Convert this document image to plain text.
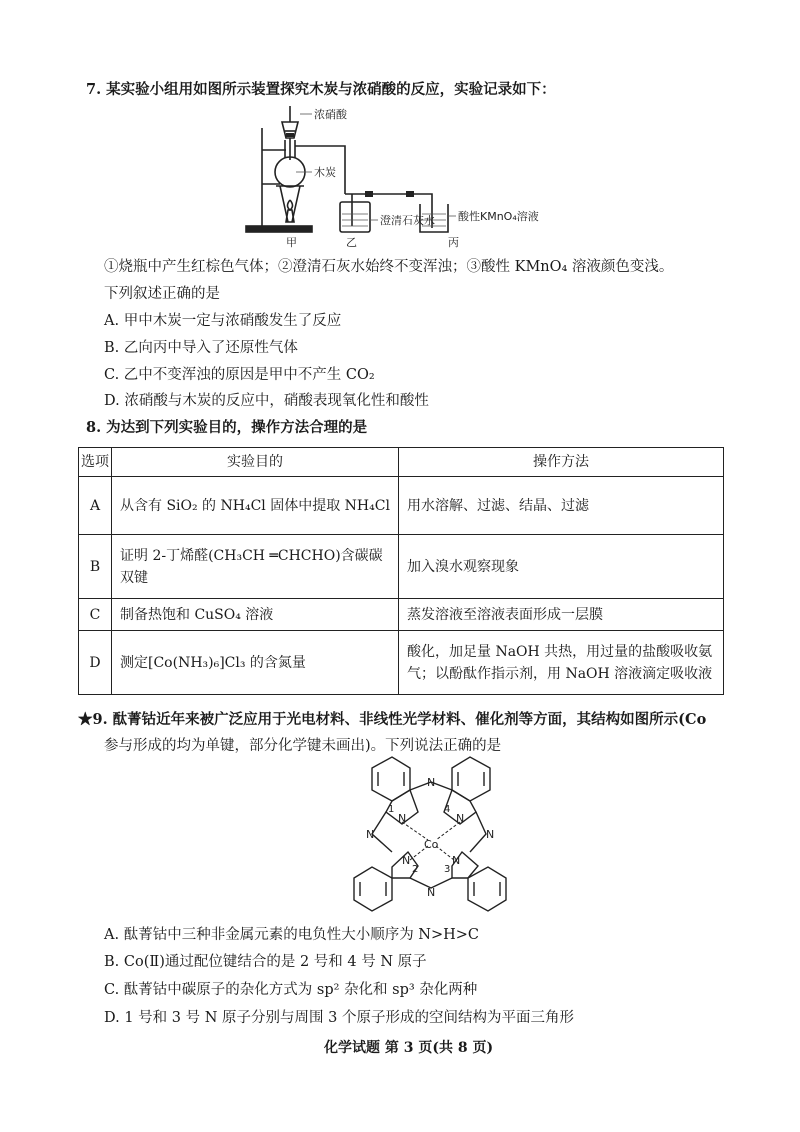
7. 某实验小组用如图所示装置探究木炭与浓硝酸的反应，实验记录如下：
浓硝酸
木炭
澄清石灰水 酸性KMnO₄溶液
甲	乙	丙
①烧瓶中产生红棕色气体；②澄清石灰水始终不变浑浊；③酸性 KMnO₄ 溶液颜色变浅。
下列叙述正确的是
A. 甲中木炭一定与浓硝酸发生了反应
B. 乙向丙中导入了还原性气体
C. 乙中不变浑浊的原因是甲中不产生 CO₂
D. 浓硝酸与木炭的反应中，硝酸表现氧化性和酸性
8. 为达到下列实验目的，操作方法合理的是
选项	实验目的	操作方法
A	从含有 SiO₂ 的 NH₄Cl 固体中提取 NH₄Cl	用水溶解、过滤、结晶、过滤
B	证明 2-丁烯醛(CH₃CH ═CHCHO)含碳碳双键	加入溴水观察现象
C	制备热饱和 CuSO₄ 溶液	蒸发溶液至溶液表面形成一层膜
D	测定[Co(NH₃)₆]Cl₃ 的含氮量	酸化，加足量 NaOH 共热，用过量的盐酸吸收氨气；以酚酞作指示剂，用 NaOH 溶液滴定吸收液
★9. 酞菁钴近年来被广泛应用于光电材料、非线性光学材料、催化剂等方面，其结构如图所示(Co
参与形成的均为单键，部分化学键未画出)。下列说法正确的是
N
N	N
N
N	N
N	N
Co
1	4
2	3
A. 酞菁钴中三种非金属元素的电负性大小顺序为 N>H>C
B. Co(Ⅱ)通过配位键结合的是 2 号和 4 号 N 原子
C. 酞菁钴中碳原子的杂化方式为 sp² 杂化和 sp³ 杂化两种
D. 1 号和 3 号 N 原子分别与周围 3 个原子形成的空间结构为平面三角形
化学试题 第 3 页(共 8 页)
